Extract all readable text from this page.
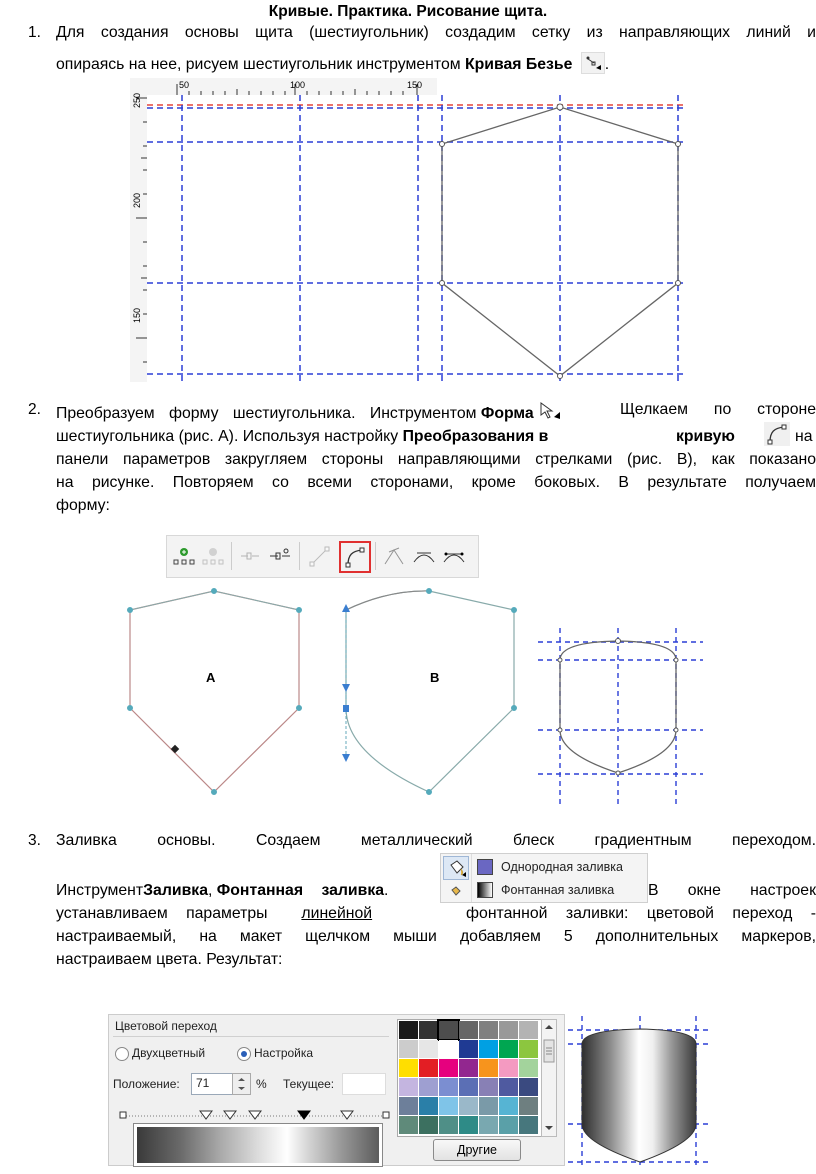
Кривые. Практика. Рисование щита.
1. Для создания основы щита (шестиугольник) создадим сетку из направляющих линий и
опираясь на нее, рисуем шестиугольник инструментом Кривая Безье .
50	100	150
250
200
150
2. Преобразуем форму шестиугольника. Инструментом Форма	Щелкаем по стороне
шестиугольника (рис. А). Используя настройку Преобразования в	кривую	на
панели параметров закругляем стороны направляющими стрелками (рис. В), как показано
на рисунке. Повторяем со всеми сторонами, кроме боковых. В результате получаем
форму:
A	B
3. Заливка основы. Создаем металлический блеск градиентным переходом.
Однородная заливка
Фонтанная заливка
ИнструментЗаливка, Фонтанная заливка.	В окне настроек
устанавливаем параметры линейной	фонтанной заливки: цветовой переход -
настраиваемый, на макет щелчком мыши добавляем 5 дополнительных маркеров,
настраиваем цвета. Результат:
Цветовой переход
Двухцветный	Настройка
Положение: 71	% Текущее:
Другие
